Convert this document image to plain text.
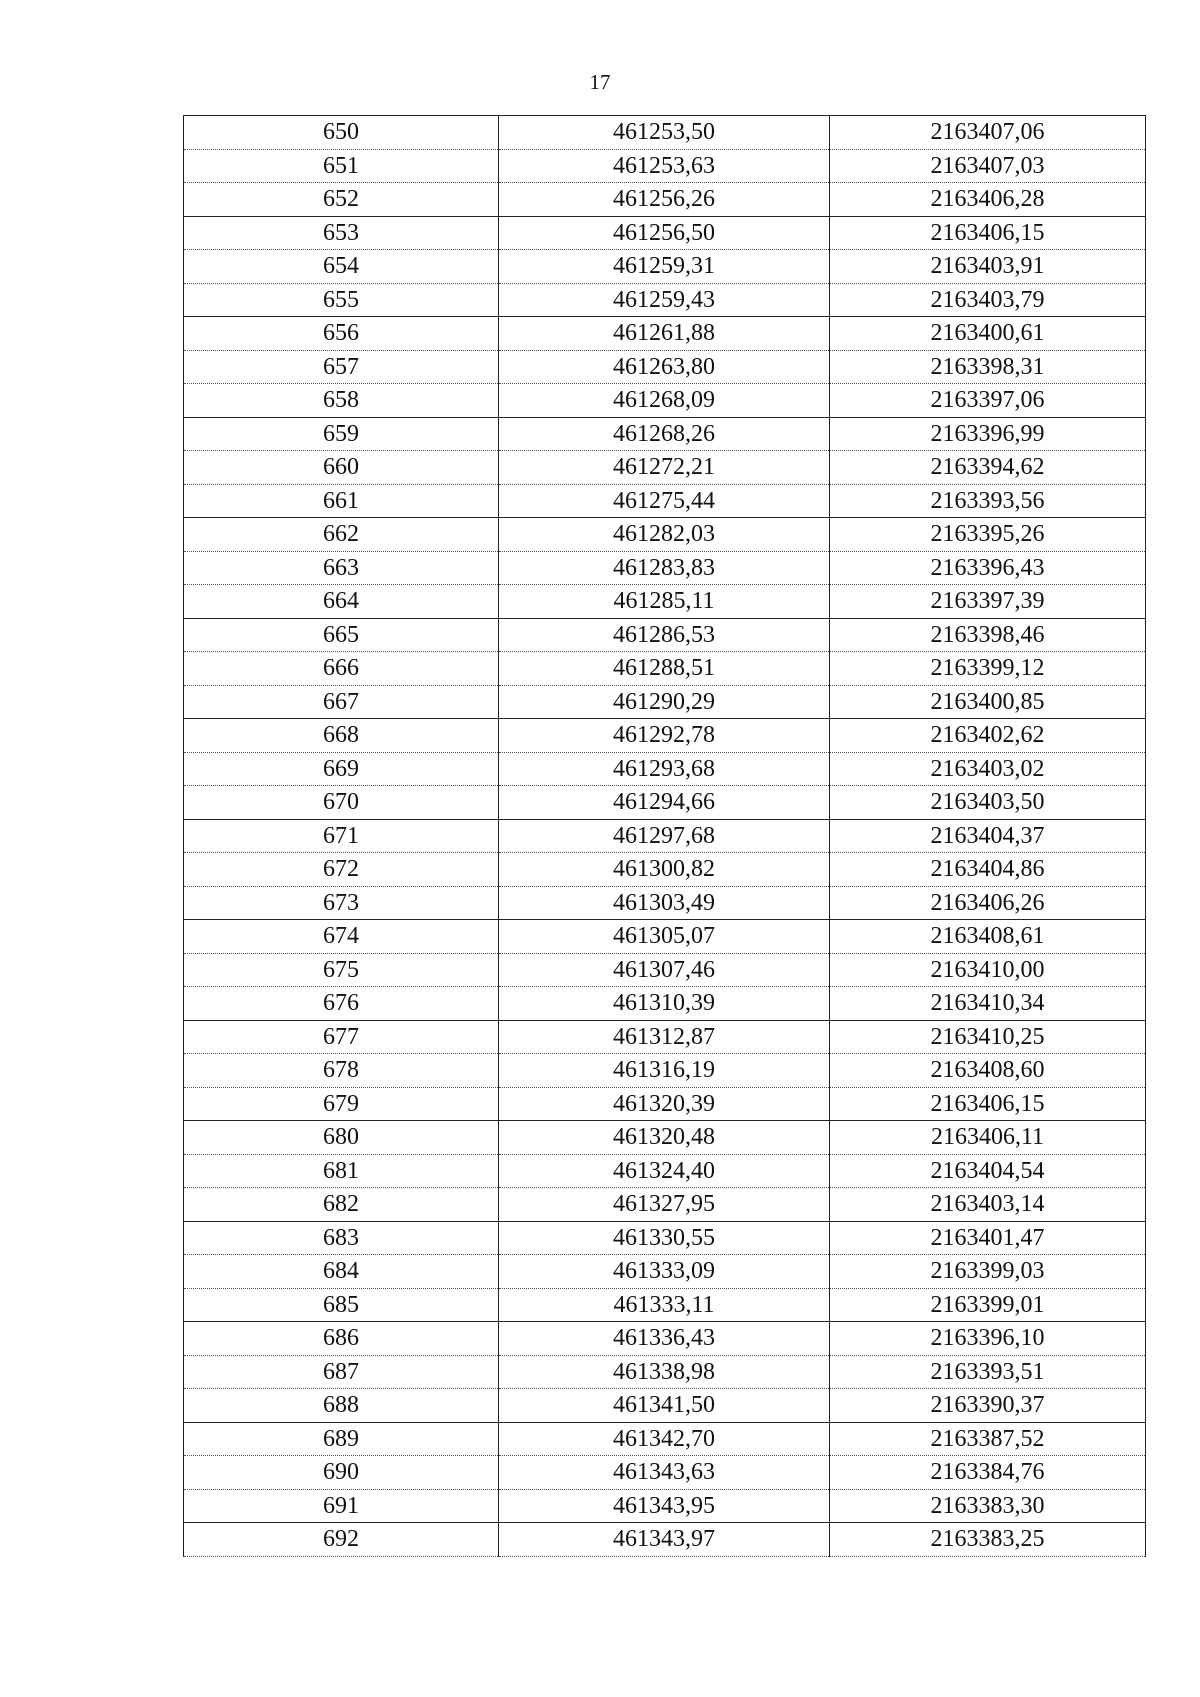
17
650	461253,50	2163407,06
651	461253,63	2163407,03
652	461256,26	2163406,28
653	461256,50	2163406,15
654	461259,31	2163403,91
655	461259,43	2163403,79
656	461261,88	2163400,61
657	461263,80	2163398,31
658	461268,09	2163397,06
659	461268,26	2163396,99
660	461272,21	2163394,62
661	461275,44	2163393,56
662	461282,03	2163395,26
663	461283,83	2163396,43
664	461285,11	2163397,39
665	461286,53	2163398,46
666	461288,51	2163399,12
667	461290,29	2163400,85
668	461292,78	2163402,62
669	461293,68	2163403,02
670	461294,66	2163403,50
671	461297,68	2163404,37
672	461300,82	2163404,86
673	461303,49	2163406,26
674	461305,07	2163408,61
675	461307,46	2163410,00
676	461310,39	2163410,34
677	461312,87	2163410,25
678	461316,19	2163408,60
679	461320,39	2163406,15
680	461320,48	2163406,11
681	461324,40	2163404,54
682	461327,95	2163403,14
683	461330,55	2163401,47
684	461333,09	2163399,03
685	461333,11	2163399,01
686	461336,43	2163396,10
687	461338,98	2163393,51
688	461341,50	2163390,37
689	461342,70	2163387,52
690	461343,63	2163384,76
691	461343,95	2163383,30
692	461343,97	2163383,25
